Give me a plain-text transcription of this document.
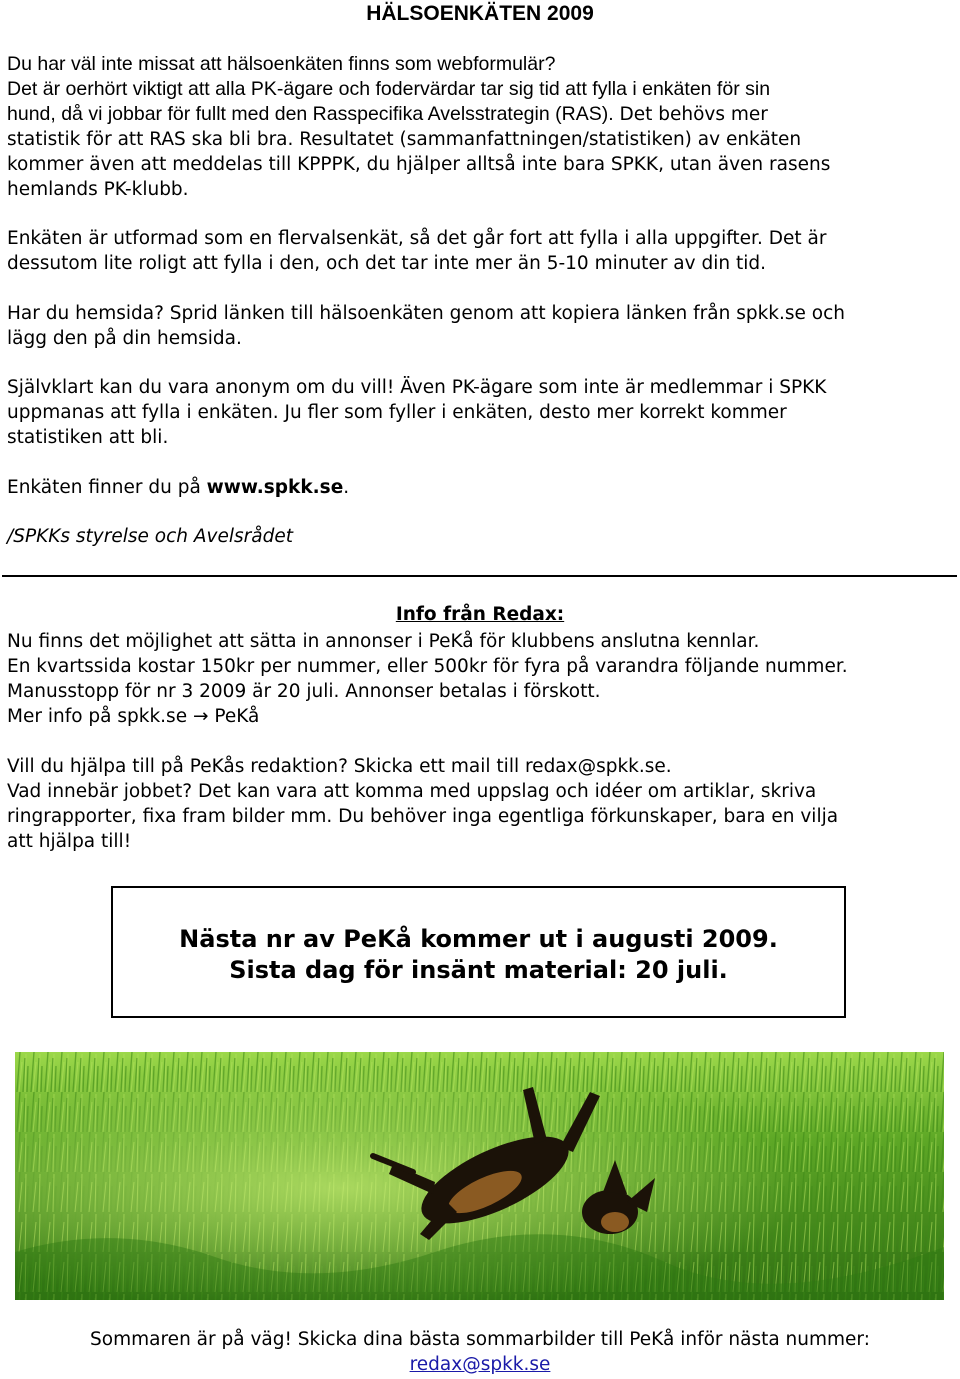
HÄLSOENKÄTEN 2009
Du har väl inte missat att hälsoenkäten finns som webformulär?
Det är oerhört viktigt att alla PK-ägare och fodervärdar tar sig tid att fylla i enkäten för sin
hund, då vi jobbar för fullt med den Rasspecifika Avelsstrategin (RAS). Det behövs mer
statistik för att RAS ska bli bra. Resultatet (sammanfattningen/statistiken) av enkäten
kommer även att meddelas till KPPPK, du hjälper alltså inte bara SPKK, utan även rasens
hemlands PK-klubb.
Enkäten är utformad som en flervalsenkät, så det går fort att fylla i alla uppgifter. Det är
dessutom lite roligt att fylla i den, och det tar inte mer än 5-10 minuter av din tid.
Har du hemsida? Sprid länken till hälsoenkäten genom att kopiera länken från spkk.se och
lägg den på din hemsida.
Självklart kan du vara anonym om du vill! Även PK-ägare som inte är medlemmar i SPKK
uppmanas att fylla i enkäten. Ju fler som fyller i enkäten, desto mer korrekt kommer
statistiken att bli.
Enkäten finner du på www.spkk.se.
/SPKKs styrelse och Avelsrådet
Info från Redax:
Nu finns det möjlighet att sätta in annonser i PeKå för klubbens anslutna kennlar.
En kvartssida kostar 150kr per nummer, eller 500kr för fyra på varandra följande nummer.
Manusstopp för nr 3 2009 är 20 juli. Annonser betalas i förskott.
Mer info på spkk.se → PeKå
Vill du hjälpa till på PeKås redaktion? Skicka ett mail till redax@spkk.se.
Vad innebär jobbet? Det kan vara att komma med uppslag och idéer om artiklar, skriva
ringrapporter, fixa fram bilder mm. Du behöver inga egentliga förkunskaper, bara en vilja
att hjälpa till!
Nästa nr av PeKå kommer ut i augusti 2009.
Sista dag för insänt material: 20 juli.
Sommaren är på väg! Skicka dina bästa sommarbilder till PeKå inför nästa nummer:
redax@spkk.se
